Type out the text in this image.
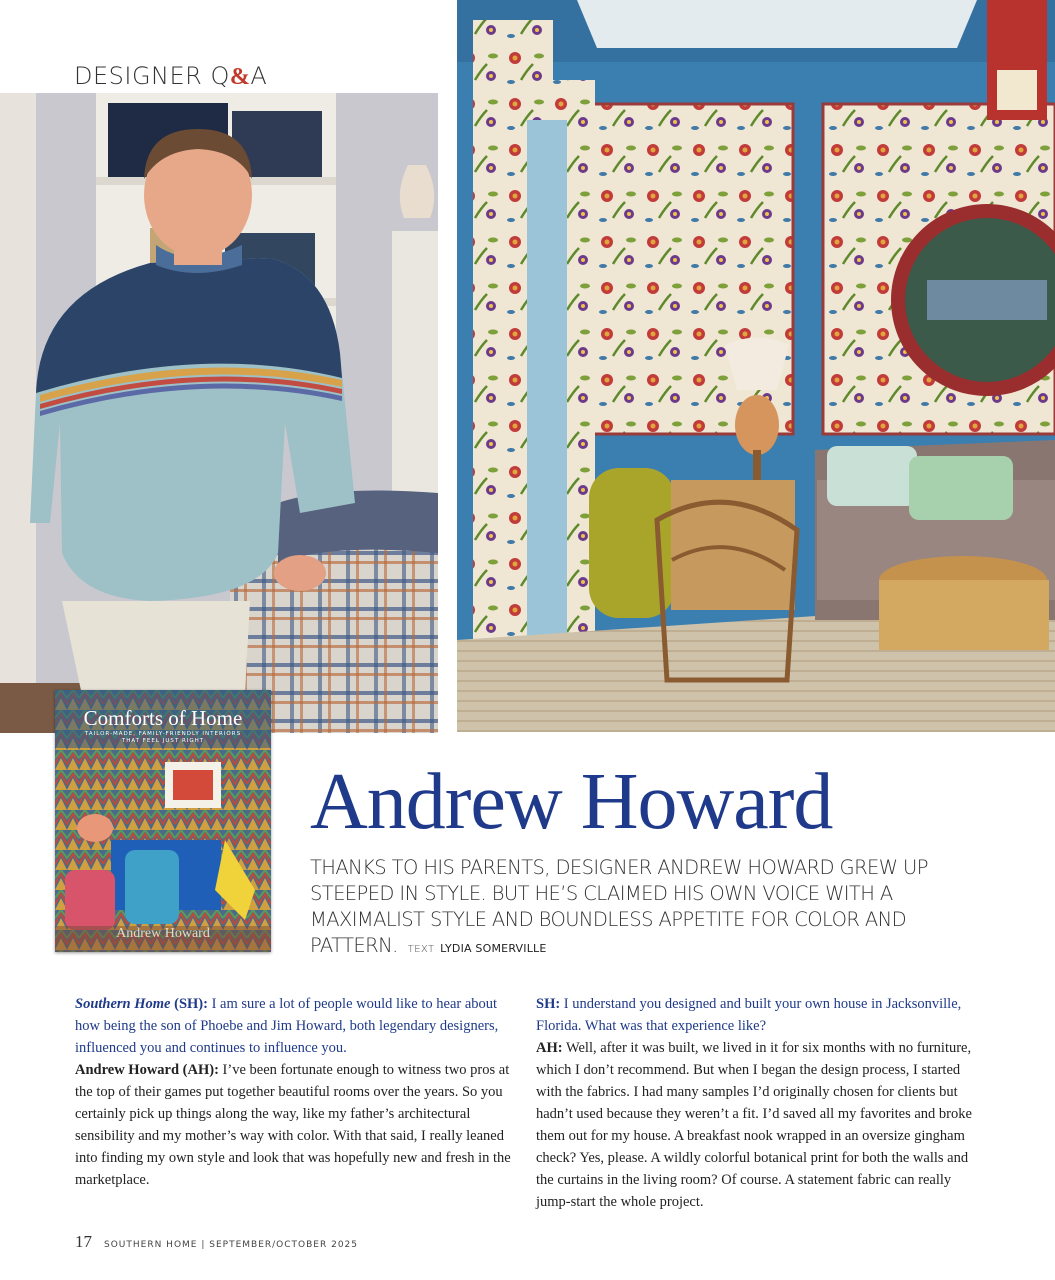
DESIGNER Q&A

Comforts of Home

TAILOR-MADE, FAMILY-FRIENDLY INTERIORS
THAT FEEL JUST RIGHT

Andrew Howard

Andrew Howard

THANKS TO HIS PARENTS, DESIGNER ANDREW HOWARD GREW UP STEEPED IN STYLE. BUT HE’S CLAIMED HIS OWN VOICE WITH A MAXIMALIST STYLE AND BOUNDLESS APPETITE FOR COLOR AND PATTERN. TEXT LYDIA SOMERVILLE

Southern Home (SH): I am sure a lot of people would like to hear about how being the son of Phoebe and Jim Howard, both legendary designers, influenced you and continues to influence you.
Andrew Howard (AH): I’ve been fortunate enough to witness two pros at the top of their games put together beautiful rooms over the years. So you certainly pick up things along the way, like my father’s architectural sensibility and my mother’s way with color. With that said, I really leaned into finding my own style and look that was hopefully new and fresh in the marketplace.
SH: I understand you designed and built your own house in Jacksonville, Florida. What was that experience like?
AH: Well, after it was built, we lived in it for six months with no furniture, which I don’t recommend. But when I began the design process, I started with the fabrics. I had many samples I’d originally chosen for clients but hadn’t used because they weren’t a fit. I’d saved all my favorites and broke them out for my house. A breakfast nook wrapped in an oversize gingham check? Yes, please. A wildly colorful botanical print for both the walls and the curtains in the living room? Of course. A statement fabric can really jump-start the whole project.

17 SOUTHERN HOME | SEPTEMBER/OCTOBER 2025
